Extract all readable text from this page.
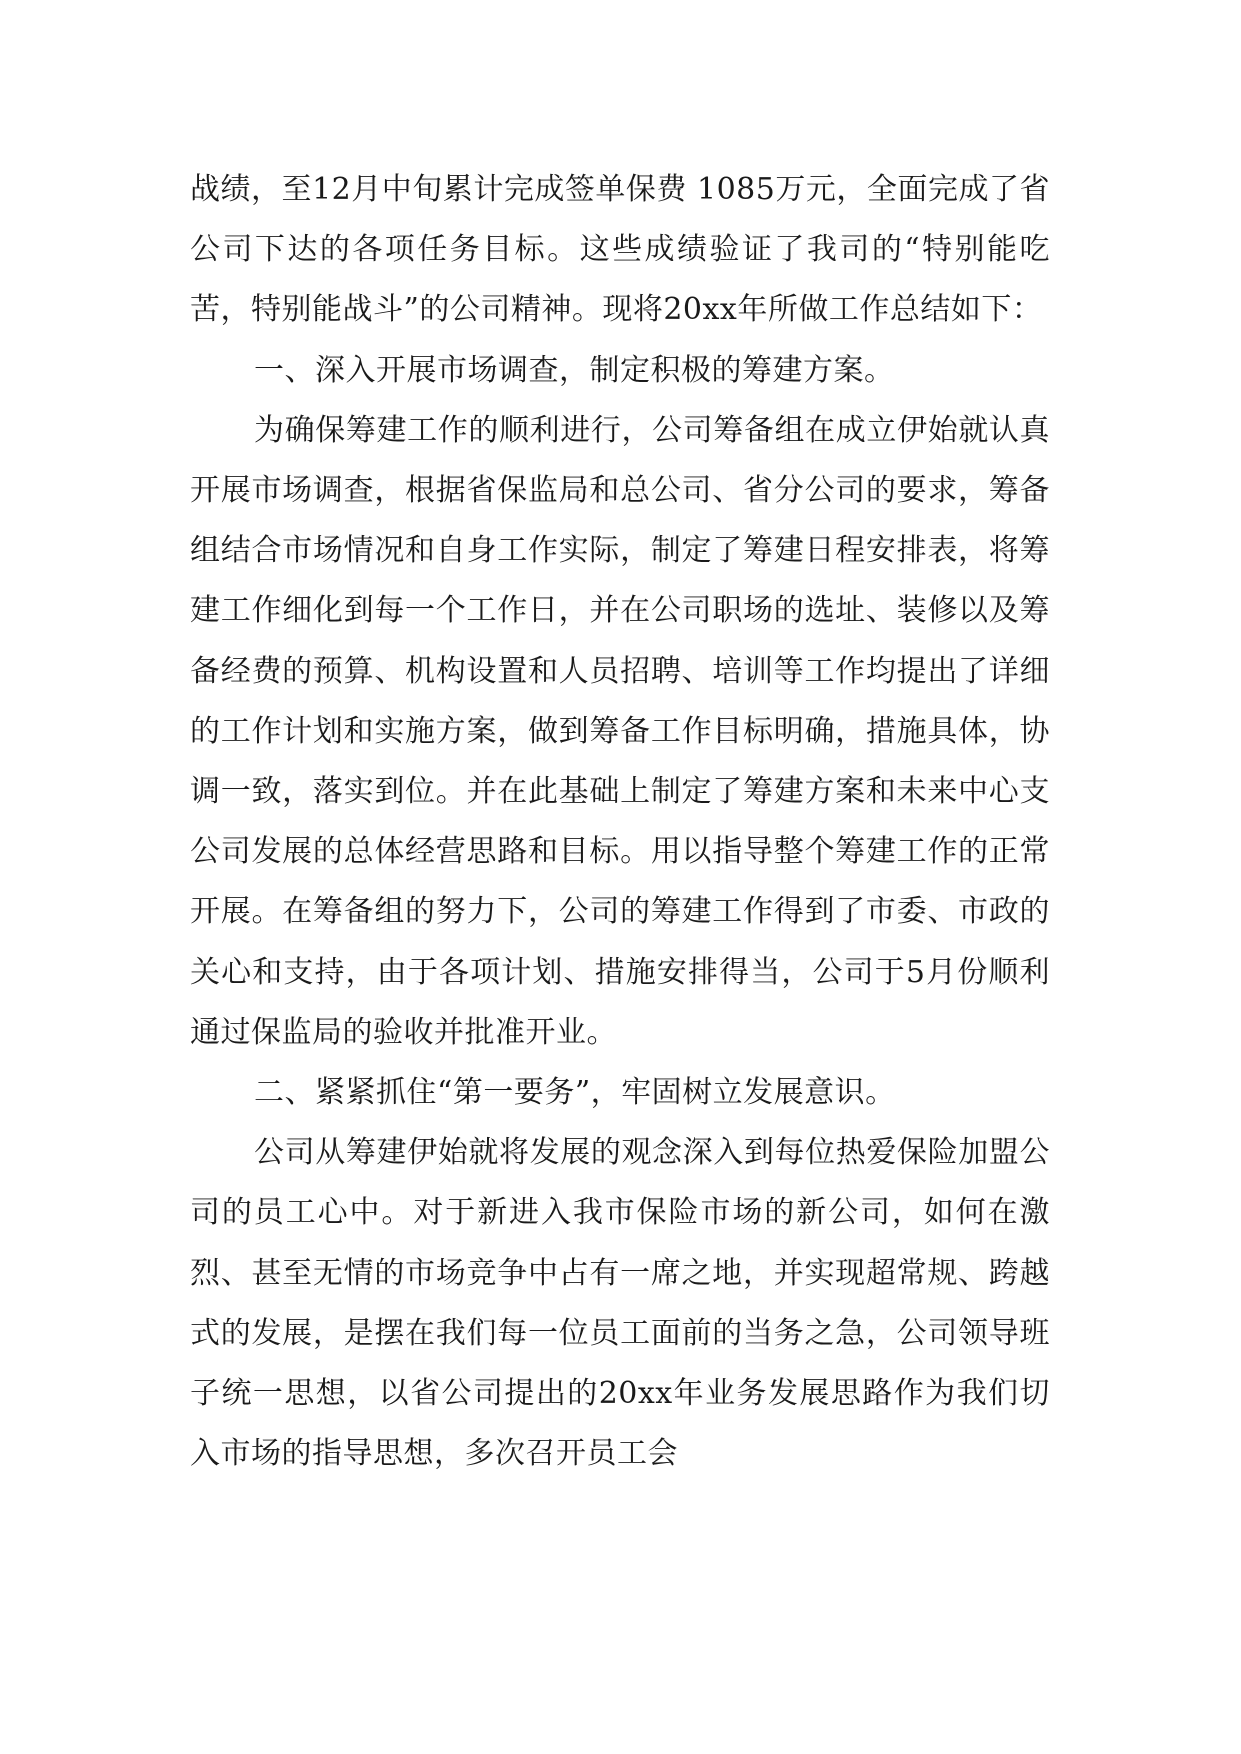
战绩，至12月中旬累计完成签单保费 1085万元，全面完成了省公司下达的各项任务目标。这些成绩验证了我司的“特别能吃苦，特别能战斗”的公司精神。现将20xx年所做工作总结如下：

一、深入开展市场调查，制定积极的筹建方案。

为确保筹建工作的顺利进行，公司筹备组在成立伊始就认真开展市场调查，根据省保监局和总公司、省分公司的要求，筹备组结合市场情况和自身工作实际，制定了筹建日程安排表，将筹建工作细化到每一个工作日，并在公司职场的选址、装修以及筹备经费的预算、机构设置和人员招聘、培训等工作均提出了详细的工作计划和实施方案，做到筹备工作目标明确，措施具体，协调一致，落实到位。并在此基础上制定了筹建方案和未来中心支公司发展的总体经营思路和目标。用以指导整个筹建工作的正常开展。在筹备组的努力下，公司的筹建工作得到了市委、市政的关心和支持，由于各项计划、措施安排得当，公司于5月份顺利通过保监局的验收并批准开业。

二、紧紧抓住“第一要务”，牢固树立发展意识。

公司从筹建伊始就将发展的观念深入到每位热爱保险加盟公司的员工心中。对于新进入我市保险市场的新公司，如何在激烈、甚至无情的市场竞争中占有一席之地，并实现超常规、跨越式的发展，是摆在我们每一位员工面前的当务之急，公司领导班子统一思想，以省公司提出的20xx年业务发展思路作为我们切入市场的指导思想，多次召开员工会
